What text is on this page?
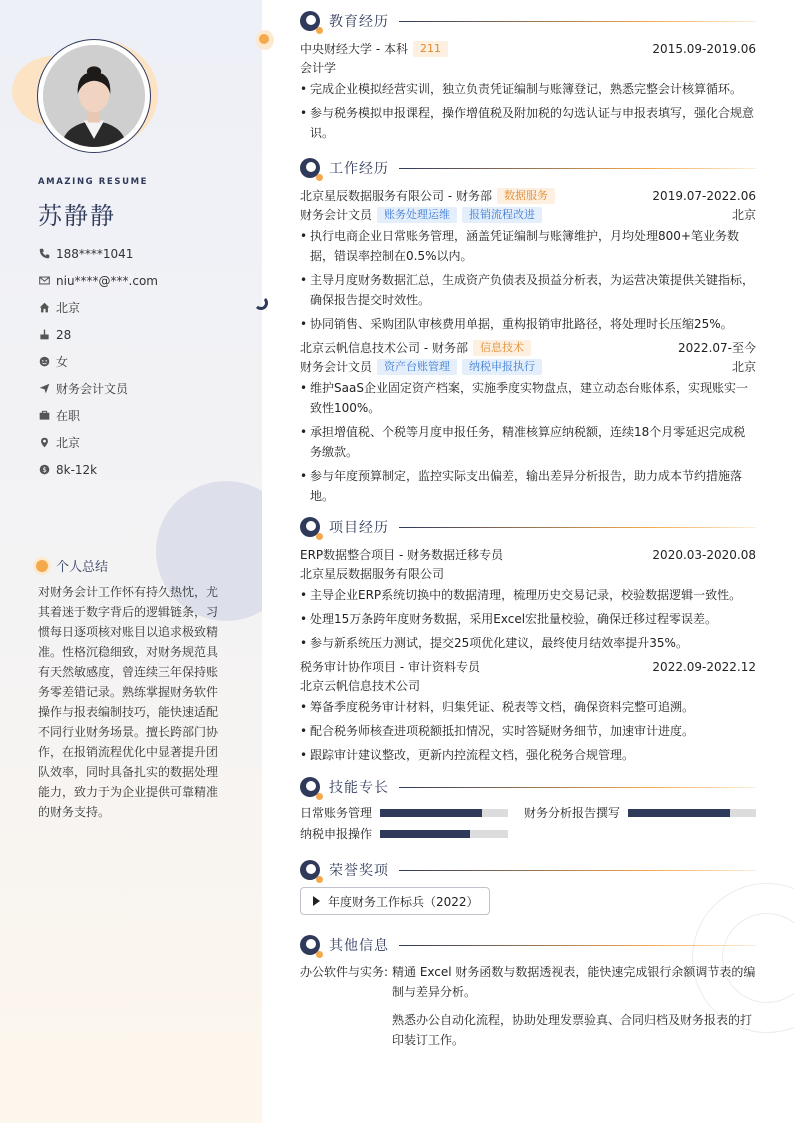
AMAZING RESUME
苏静静
188****1041
niu****@***.com
北京
28
女
财务会计文员
在职
北京
$ 8k-12k
个人总结

对财务会计工作怀有持久热忱，尤其着迷于数字背后的逻辑链条，习惯每日逐项核对账目以追求极致精准。性格沉稳细致，对财务规范具有天然敏感度，曾连续三年保持账务零差错记录。熟练掌握财务软件操作与报表编制技巧，能快速适配不同行业财务场景。擅长跨部门协作，在报销流程优化中显著提升团队效率，同时具备扎实的数据处理能力，致力于为企业提供可靠精准的财务支持。

教育经历
中央财经大学 - 本科	211	2015.09-2019.06
会计学
• 完成企业模拟经营实训，独立负责凭证编制与账簿登记，熟悉完整会计核算循环。
• 参与税务模拟申报课程，操作增值税及附加税的勾选认证与申报表填写，强化合规意识。
工作经历
北京星辰数据服务有限公司 - 财务部	数据服务	2019.07-2022.06
财务会计文员	账务处理运维	报销流程改进	北京
• 执行电商企业日常账务管理，涵盖凭证编制与账簿维护，月均处理800+笔业务数据，错误率控制在0.5%以内。
• 主导月度财务数据汇总，生成资产负债表及损益分析表，为运营决策提供关键指标，确保报告提交时效性。
• 协同销售、采购团队审核费用单据，重构报销审批路径，将处理时长压缩25%。
北京云帆信息技术公司 - 财务部	信息技术	2022.07-至今
财务会计文员	资产台账管理	纳税申报执行	北京
• 维护SaaS企业固定资产档案，实施季度实物盘点，建立动态台账体系，实现账实一致性100%。
• 承担增值税、个税等月度申报任务，精准核算应纳税额，连续18个月零延迟完成税务缴款。
• 参与年度预算制定，监控实际支出偏差，输出差异分析报告，助力成本节约措施落地。
项目经历
ERP数据整合项目 - 财务数据迁移专员	2020.03-2020.08
北京星辰数据服务有限公司
• 主导企业ERP系统切换中的数据清理，梳理历史交易记录，校验数据逻辑一致性。
• 处理15万条跨年度财务数据，采用Excel宏批量校验，确保迁移过程零误差。
• 参与新系统压力测试，提交25项优化建议，最终使月结效率提升35%。
税务审计协作项目 - 审计资料专员	2022.09-2022.12
北京云帆信息技术公司
• 筹备季度税务审计材料，归集凭证、税表等文档，确保资料完整可追溯。
• 配合税务师核查进项税额抵扣情况，实时答疑财务细节，加速审计进度。
• 跟踪审计建议整改，更新内控流程文档，强化税务合规管理。
技能专长
日常账务管理	财务分析报告撰写
纳税申报操作
荣誉奖项
年度财务工作标兵（2022）
其他信息
办公软件与实务: 精通 Excel 财务函数与数据透视表，能快速完成银行余额调节表的编制与差异分析。

熟悉办公自动化流程，协助处理发票验真、合同归档及财务报表的打印装订工作。
